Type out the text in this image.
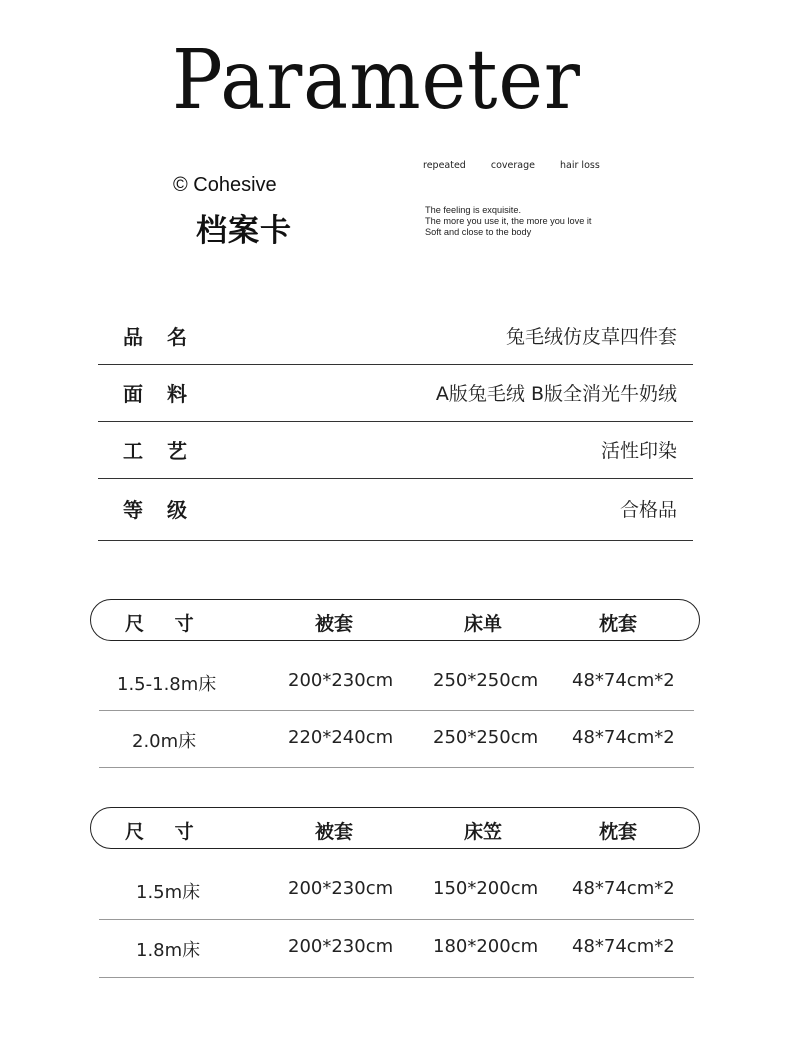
Parameter
© Cohesive
档案卡
repeated	coverage	hair loss
The feeling is exquisite.
The more you use it, the more you love it
Soft and close to the body
品名	兔毛绒仿皮草四件套
面料	A版兔毛绒 B版全消光牛奶绒
工艺	活性印染
等级	合格品
尺 寸	被套	床单	枕套
1.5-1.8m床	200*230cm 250*250cm 48*74cm*2
2.0m床	220*240cm 250*250cm 48*74cm*2
尺 寸	被套	床笠	枕套
1.5m床	200*230cm 150*200cm 48*74cm*2
1.8m床	200*230cm 180*200cm 48*74cm*2
